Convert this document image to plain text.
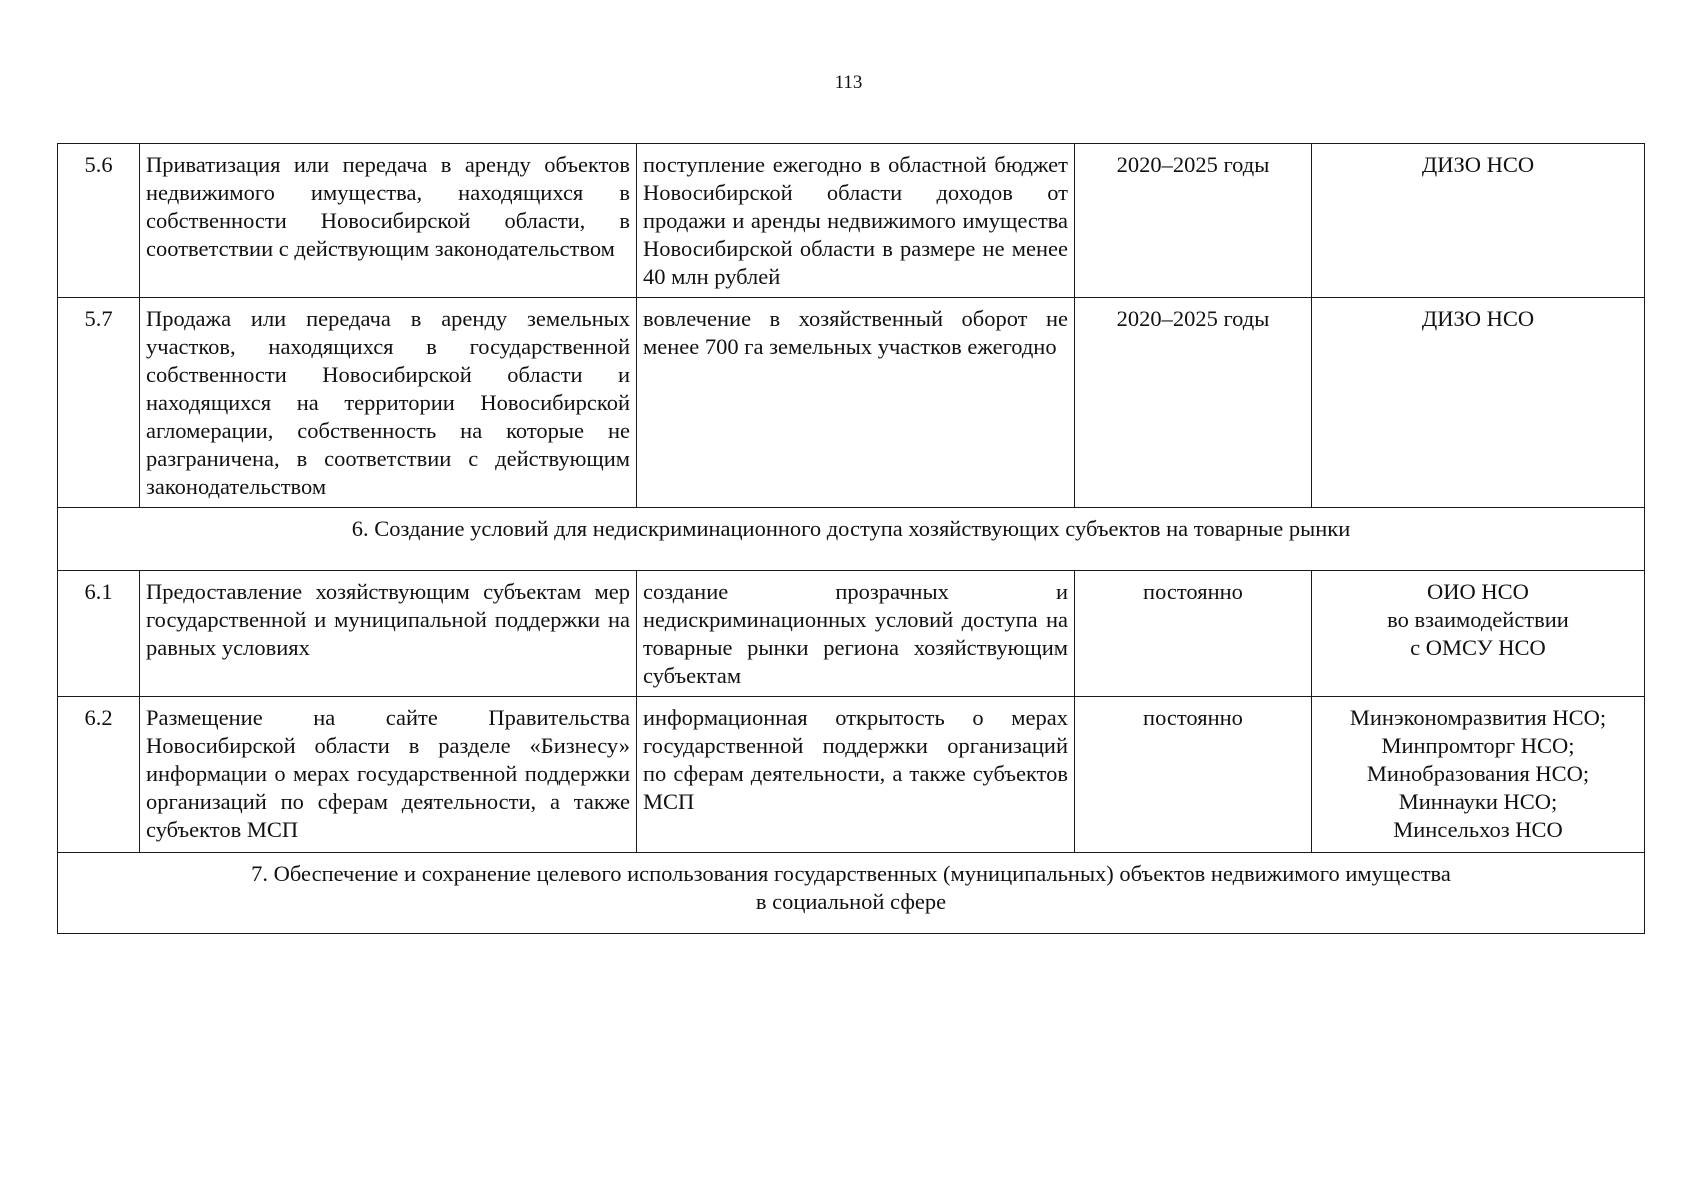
113
5.6	Приватизация или передача в аренду объектов недвижимого имущества, находящихся в собственности Новосибирской области, в соответствии с действующим законодательством	поступление ежегодно в областной бюджет Новосибирской области доходов от продажи и аренды недвижимого имущества Новосибирской области в размере не менее 40 млн рублей	2020–2025 годы	ДИЗО НСО

5.7	Продажа или передача в аренду земельных участков, находящихся в государственной собственности Новосибирской области и находящихся на территории Новосибирской агломерации, собственность на которые не разграничена, в соответствии с действующим законодательством	вовлечение в хозяйственный оборот не менее 700 га земельных участков ежегодно	2020–2025 годы	ДИЗО НСО

6. Создание условий для недискриминационного доступа хозяйствующих субъектов на товарные рынки				
6.1	Предоставление хозяйствующим субъектам мер государственной и муниципальной поддержки на равных условиях	создание прозрачных и недискриминационных условий доступа на товарные рынки региона хозяйствующим субъектам	постоянно	ОИО НСО
во взаимодействии
с ОМСУ НСО

6.2	Размещение на сайте Правительства Новосибирской области в разделе «Бизнесу» информации о мерах государственной поддержки организаций по сферам деятельности, а также субъектов МСП	информационная открытость о мерах государственной поддержки организаций по сферам деятельности, а также субъектов МСП	постоянно	Минэкономразвития НСО;
Минпромторг НСО;
Минобразования НСО;
Миннауки НСО;
Минсельхоз НСО

7. Обеспечение и сохранение целевого использования государственных (муниципальных) объектов недвижимого имущества
в социальной сфере				
